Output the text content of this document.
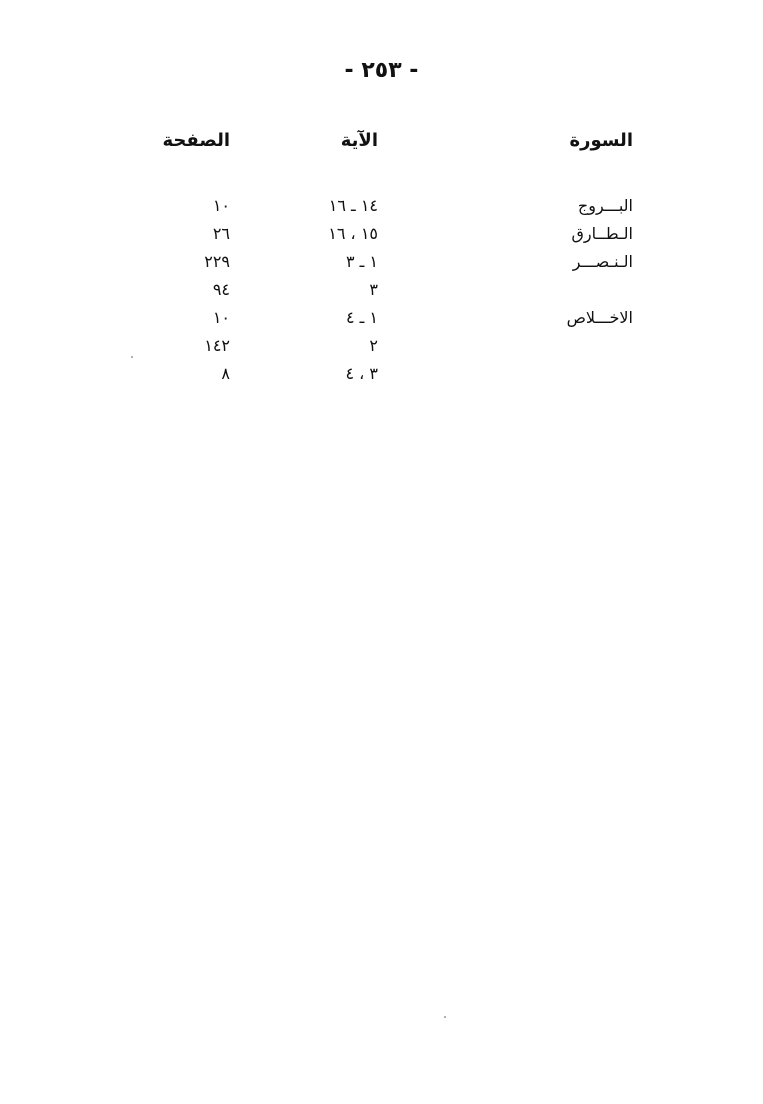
- ٢٥٣ -
السورة
الآية
الصفحة
البـــروج
١٤ ـ ١٦
١٠
الـطــارق
١٥ ، ١٦
٢٦
الـنـصـــر
١ ـ ٣
٢٢٩
٣
٩٤
الاخـــلاص
١ ـ ٤
١٠
٢
١٤٢
٣ ، ٤
٨
